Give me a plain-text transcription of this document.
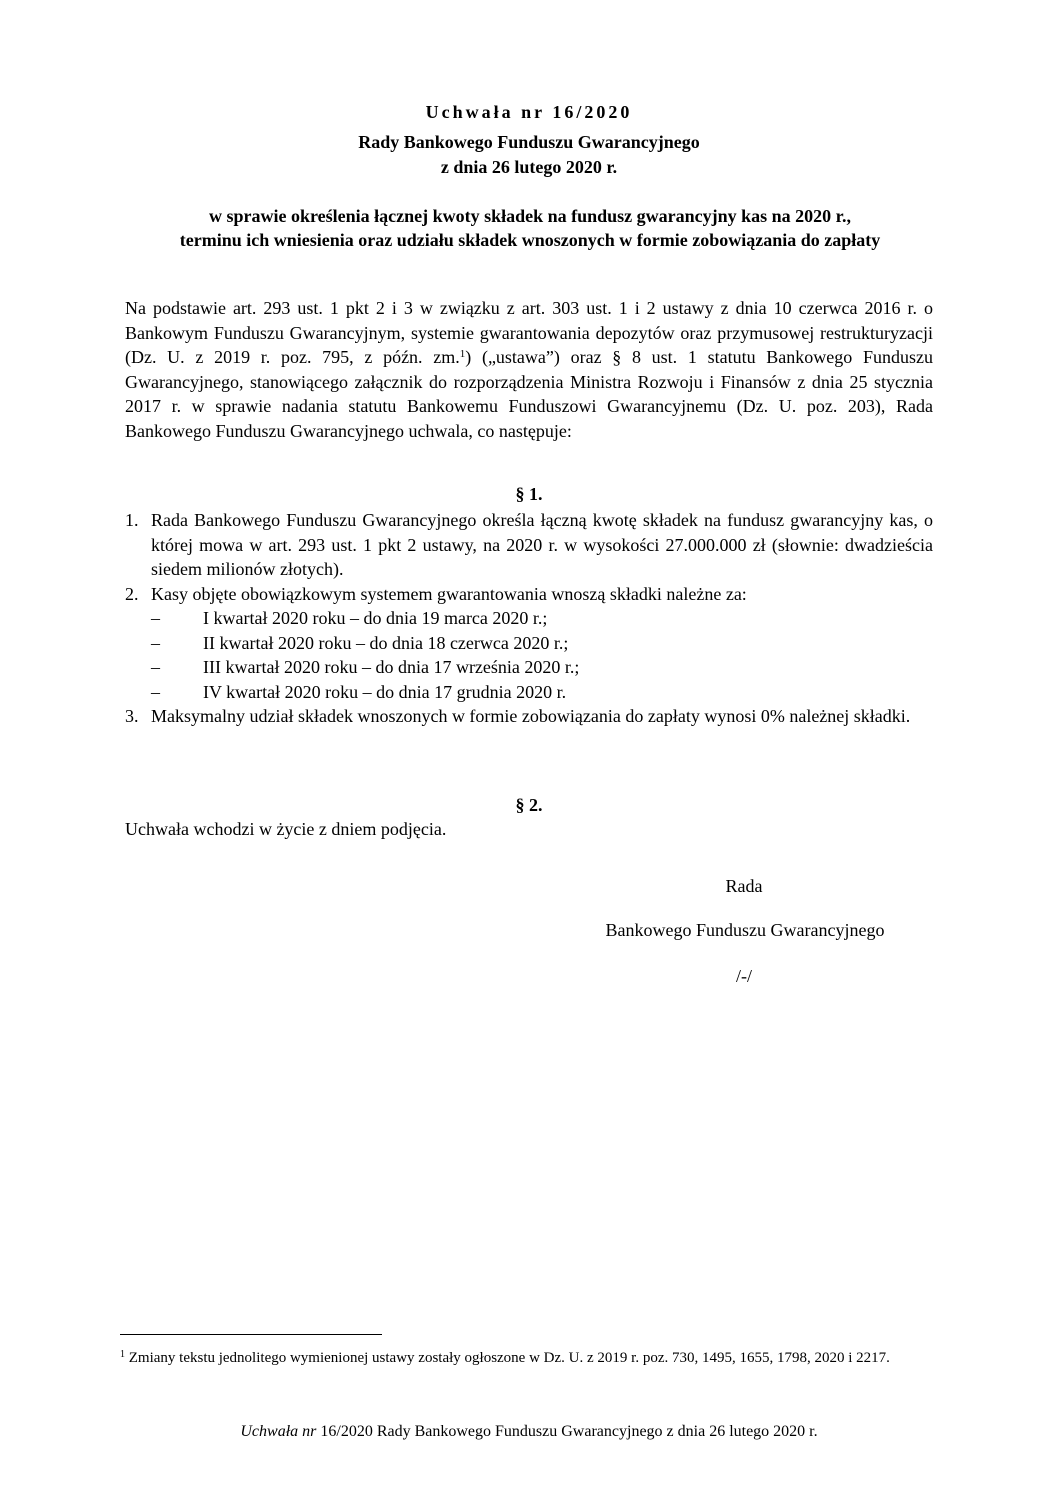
Uchwała nr 16/2020
Rady Bankowego Funduszu Gwarancyjnego
z dnia 26 lutego 2020 r.
w sprawie określenia łącznej kwoty składek na fundusz gwarancyjny kas na 2020 r.,
terminu ich wniesienia oraz udziału składek wnoszonych w formie zobowiązania do zapłaty
Na podstawie art. 293 ust. 1 pkt 2 i 3 w związku z art. 303 ust. 1 i 2 ustawy z dnia 10 czerwca 2016 r. o Bankowym Funduszu Gwarancyjnym, systemie gwarantowania depozytów oraz przymusowej restrukturyzacji (Dz. U. z 2019 r. poz. 795, z późn. zm.$^1$) („ustawa”) oraz § 8 ust. 1 statutu Bankowego Funduszu Gwarancyjnego, stanowiącego załącznik do rozporządzenia Ministra Rozwoju i Finansów z dnia 25 stycznia 2017 r. w sprawie nadania statutu Bankowemu Funduszowi Gwarancyjnemu (Dz. U. poz. 203), Rada Bankowego Funduszu Gwarancyjnego uchwala, co następuje:
§ 1.
1. Rada Bankowego Funduszu Gwarancyjnego określa łączną kwotę składek na fundusz gwarancyjny kas, o której mowa w art. 293 ust. 1 pkt 2 ustawy, na 2020 r. w wysokości 27.000.000 zł (słownie: dwadzieścia siedem milionów złotych).
2. Kasy objęte obowiązkowym systemem gwarantowania wnoszą składki należne za:
– I kwartał 2020 roku – do dnia 19 marca 2020 r.;
– II kwartał 2020 roku – do dnia 18 czerwca 2020 r.;
– III kwartał 2020 roku – do dnia 17 września 2020 r.;
– IV kwartał 2020 roku – do dnia 17 grudnia 2020 r.
3. Maksymalny udział składek wnoszonych w formie zobowiązania do zapłaty wynosi 0% należnej składki.
§ 2.
Uchwała wchodzi w życie z dniem podjęcia.
Rada
Bankowego Funduszu Gwarancyjnego
/-/
$^1$ Zmiany tekstu jednolitego wymienionej ustawy zostały ogłoszone w Dz. U. z 2019 r. poz. 730, 1495, 1655, 1798, 2020 i 2217.
Uchwała nr 16/2020 Rady Bankowego Funduszu Gwarancyjnego z dnia 26 lutego 2020 r.
